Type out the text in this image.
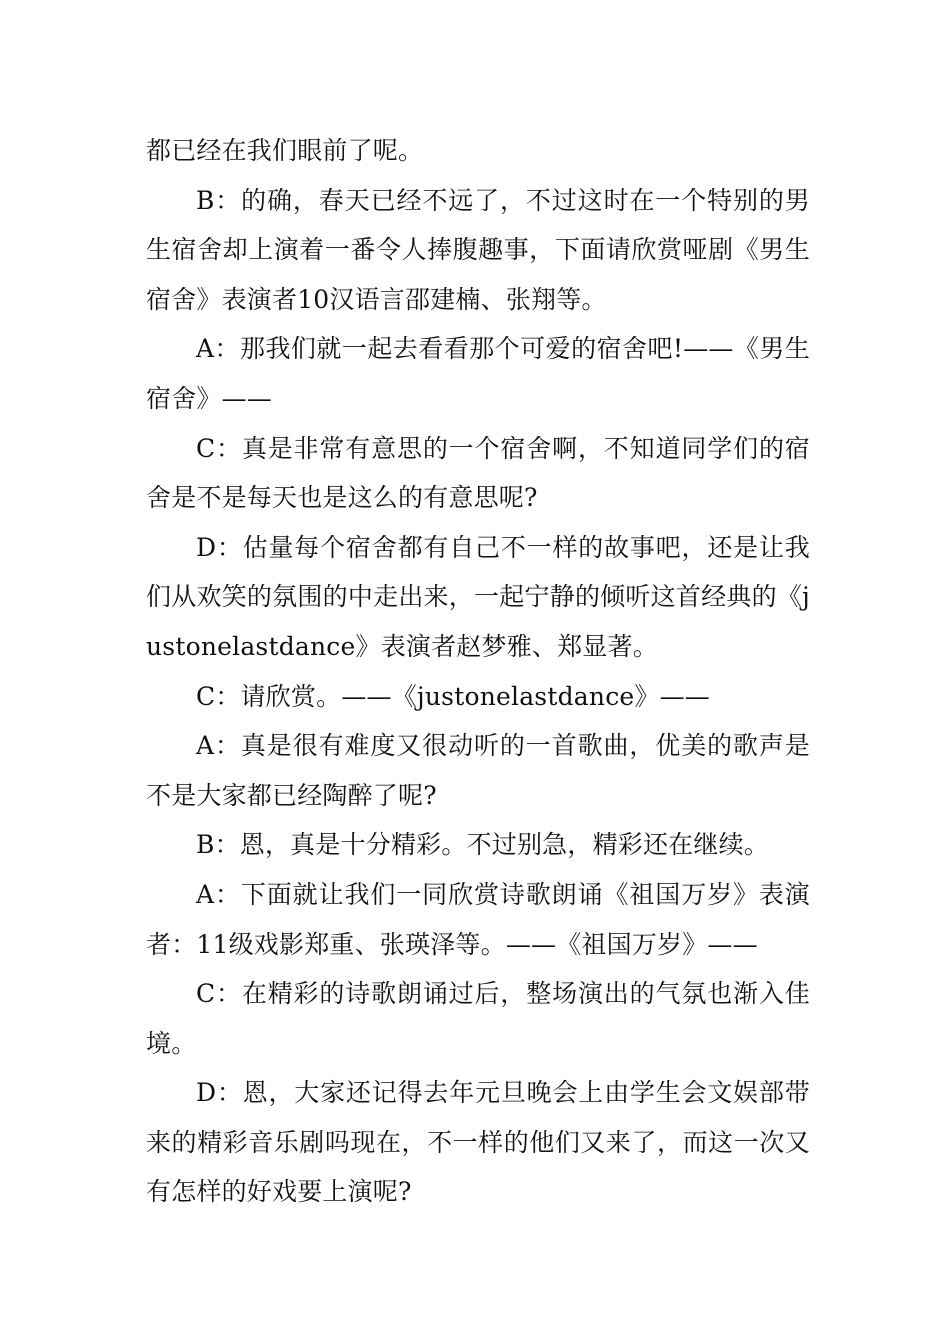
都已经在我们眼前了呢。

B：的确，春天已经不远了，不过这时在一个特别的男生宿舍却上演着一番令人捧腹趣事，下面请欣赏哑剧《男生宿舍》表演者10汉语言邵建楠、张翔等。

A：那我们就一起去看看那个可爱的宿舍吧!——《男生宿舍》——

C：真是非常有意思的一个宿舍啊，不知道同学们的宿舍是不是每天也是这么的有意思呢?

D：估量每个宿舍都有自己不一样的故事吧，还是让我们从欢笑的氛围的中走出来，一起宁静的倾听这首经典的《justonelastdance》表演者赵梦雅、郑显著。

C：请欣赏。——《justonelastdance》——

A：真是很有难度又很动听的一首歌曲，优美的歌声是不是大家都已经陶醉了呢?

B：恩，真是十分精彩。不过别急，精彩还在继续。

A：下面就让我们一同欣赏诗歌朗诵《祖国万岁》表演者：11级戏影郑重、张瑛泽等。——《祖国万岁》——

C：在精彩的诗歌朗诵过后，整场演出的气氛也渐入佳境。

D：恩，大家还记得去年元旦晚会上由学生会文娱部带来的精彩音乐剧吗现在，不一样的他们又来了，而这一次又有怎样的好戏要上演呢?
